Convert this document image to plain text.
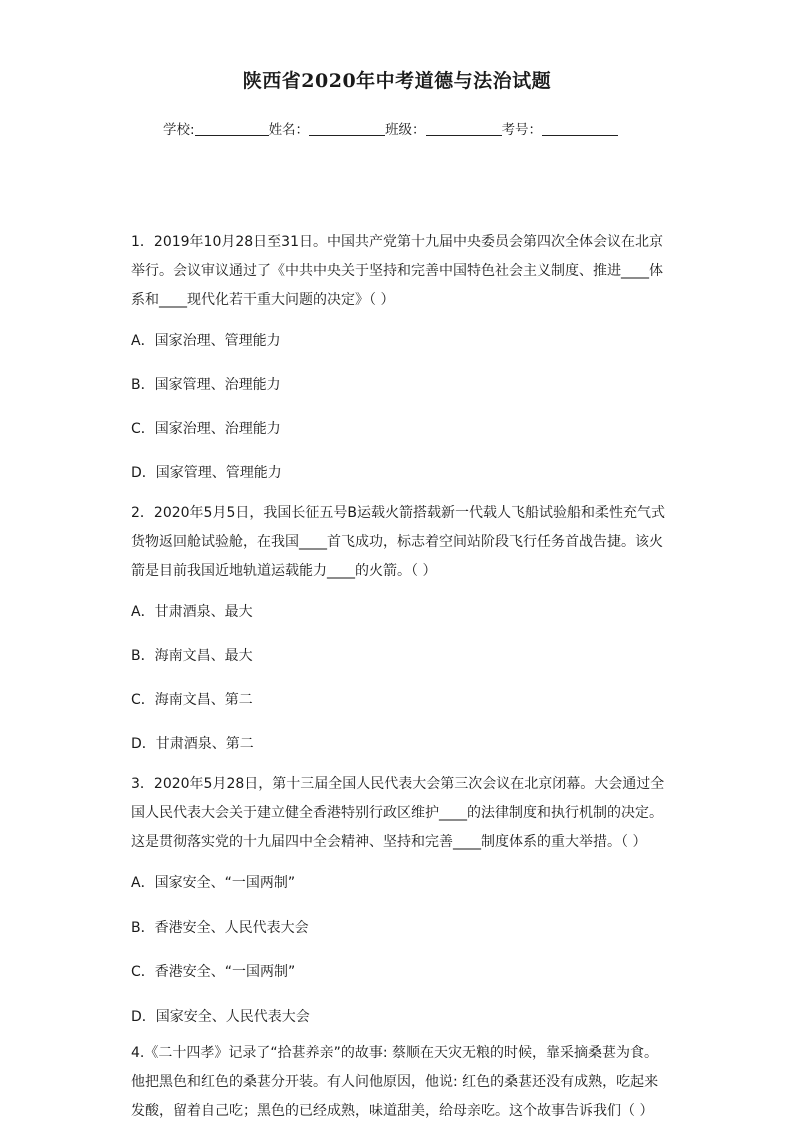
陕西省2020年中考道德与法治试题
学校:	姓名：	班级：	考号：

1．2019年10月28日至31日。中国共产党第十九届中央委员会第四次全体会议在北京举行。会议审议通过了《中共中央关于坚持和完善中国特色社会主义制度、推进____体系和____现代化若干重大问题的决定》（ ）

A．国家治理、管理能力
B．国家管理、治理能力
C．国家治理、治理能力
D．国家管理、管理能力

2．2020年5月5日，我国长征五号B运载火箭搭载新一代载人飞船试验船和柔性充气式货物返回舱试验舱，在我国____首飞成功，标志着空间站阶段飞行任务首战告捷。该火箭是目前我国近地轨道运载能力____的火箭。（ ）

A．甘肃酒泉、最大
B．海南文昌、最大
C．海南文昌、第二
D．甘肃酒泉、第二

3．2020年5月28日，第十三届全国人民代表大会第三次会议在北京闭幕。大会通过全国人民代表大会关于建立健全香港特别行政区维护____的法律制度和执行机制的决定。这是贯彻落实党的十九届四中全会精神、坚持和完善____制度体系的重大举措。（ ）

A．国家安全、“一国两制”
B．香港安全、人民代表大会
C．香港安全、“一国两制”
D．国家安全、人民代表大会

4.《二十四孝》记录了“拾葚养亲”的故事: 蔡顺在天灾无粮的时候，靠采摘桑葚为食。他把黑色和红色的桑葚分开装。有人问他原因，他说: 红色的桑葚还没有成熟，吃起来发酸，留着自己吃；黑色的已经成熟，味道甜美，给母亲吃。这个故事告诉我们（ ）
